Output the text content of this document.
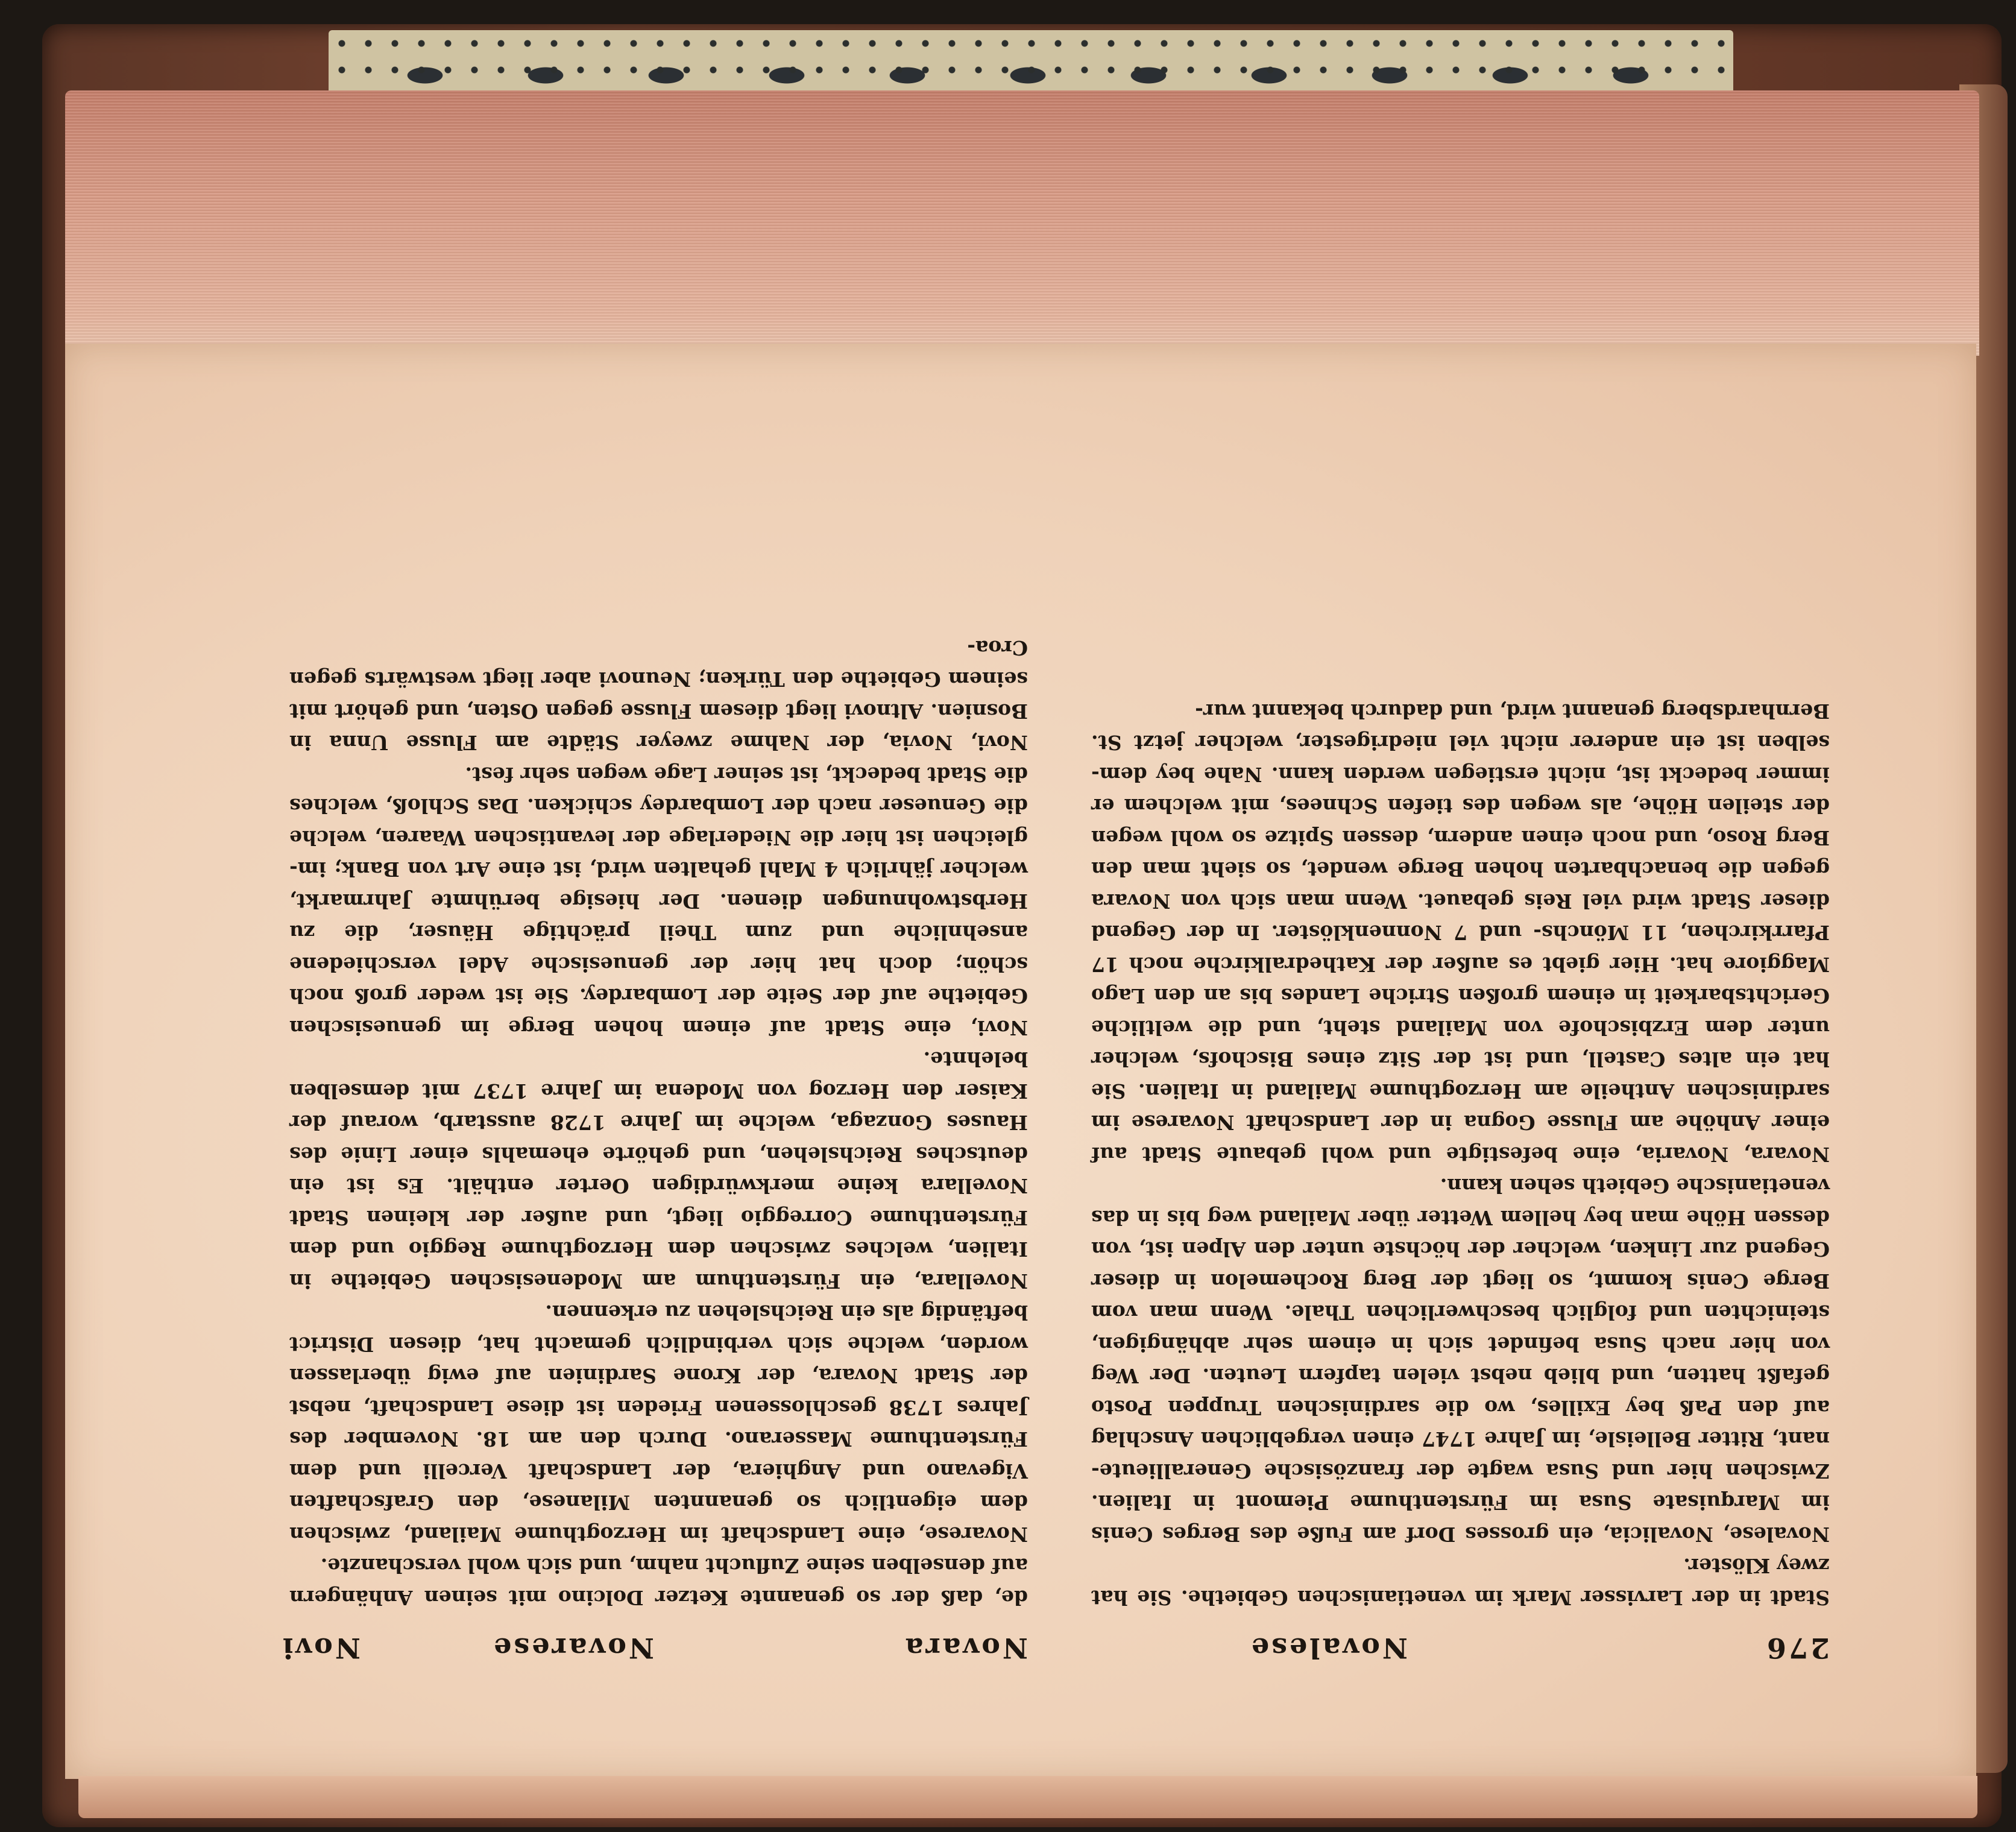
276
Novalese
Novara
Novarese
Novi

Stadt in der Larvisser Mark im venetianischen Gebiethe. Sie hat zwey Klöster.

Novalese, Novalicia, ein grosses Dorf am Fuße des Berges Cenis im Marquisate Susa im Fürstenthume Piemont in Italien. Zwischen hier und Susa wagte der französische Generallieutenant, Ritter Belleisle, im Jahre 1747 einen vergeblichen Anschlag auf den Paß bey Exilles, wo die sardinischen Truppen Posto gefaßt hatten, und blieb nebst vielen tapfern Leuten. Der Weg von hier nach Susa befindet sich in einem sehr abhängigen, steinichten und folglich beschwerlichen Thale. Wenn man vom Berge Cenis kommt, so liegt der Berg Rochemelon in dieser Gegend zur Linken, welcher der höchste unter den Alpen ist, von dessen Höhe man bey hellem Wetter über Mailand weg bis in das venetianische Gebieth sehen kann.

Novara, Novaria, eine befestigte und wohl gebaute Stadt auf einer Anhöhe am Flusse Gogna in der Landschaft Novarese im sardinischen Antheile am Herzogthume Mailand in Italien. Sie hat ein altes Castell, und ist der Sitz eines Bischofs, welcher unter dem Erzbischofe von Mailand steht, und die weltliche Gerichtsbarkeit in einem großen Striche Landes bis an den Lago Maggiore hat. Hier giebt es außer der Kathedralkirche noch 17 Pfarrkirchen, 11 Mönchs- und 7 Nonnenklöster. In der Gegend dieser Stadt wird viel Reis gebauet. Wenn man sich von Novara gegen die benachbarten hohen Berge wendet, so sieht man den Berg Roso, und noch einen andern, dessen Spitze so wohl wegen der steilen Höhe, als wegen des tiefen Schnees, mit welchem er immer bedeckt ist, nicht erstiegen werden kann. Nahe bey demselben ist ein anderer nicht viel niedrigester, welcher jetzt St. Bernhardsberg genannt wird, und dadurch bekannt wur-

de, daß der so genannte Ketzer Dolcino mit seinen Anhängern auf denselben seine Zuflucht nahm, und sich wohl verschanzte.

Novarese, eine Landschaft im Herzogthume Mailand, zwischen dem eigentlich so genannten Milanese, den Grafschaften Vigevano und Anghiera, der Landschaft Vercelli und dem Fürstenthume Masserano. Durch den am 18. November des Jahres 1738 geschlossenen Frieden ist diese Landschaft, nebst der Stadt Novara, der Krone Sardinien auf ewig überlassen worden, welche sich verbindlich gemacht hat, diesen District beftändig als ein Reichslehen zu erkennen.

Novellara, ein Fürstenthum am Modenesischen Gebiethe in Italien, welches zwischen dem Herzogthume Reggio und dem Fürstenthume Correggio liegt, und außer der kleinen Stadt Novellara keine merkwürdigen Oerter enthält. Es ist ein deutsches Reichslehen, und gehörte ehemahls einer Linie des Hauses Gonzaga, welche im Jahre 1728 ausstarb, worauf der Kaiser den Herzog von Modena im Jahre 1737 mit demselben belehnte.

Novi, eine Stadt auf einem hohen Berge im genuesischen Gebiethe auf der Seite der Lombardey. Sie ist weder groß noch schön; doch hat hier der genuesische Adel verschiedene ansehnliche und zum Theil prächtige Häuser, die zu Herbstwohnungen dienen. Der hiesige berühmte Jahrmarkt, welcher jährlich 4 Mahl gehalten wird, ist eine Art von Bank; imgleichen ist hier die Niederlage der levantischen Waaren, welche die Genueser nach der Lombardey schicken. Das Schloß, welches die Stadt bedeckt, ist seiner Lage wegen sehr fest.

Novi, Novia, der Nahme zweyer Städte am Flusse Unna in Bosnien. Altnovi liegt diesem Flusse gegen Osten, und gehört mit seinem Gebiethe den Türken; Neunovi aber liegt westwärts gegen Croa-
